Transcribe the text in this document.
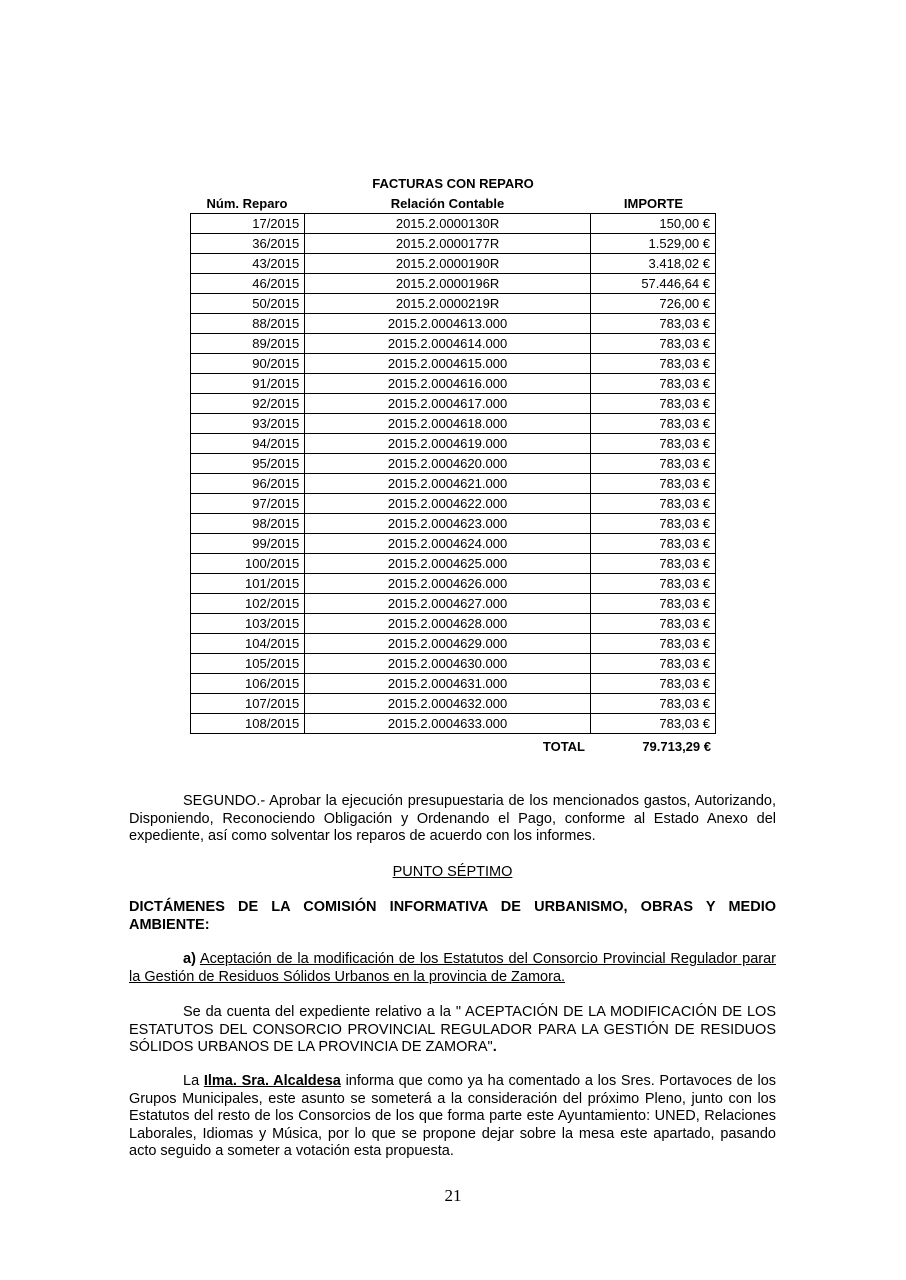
FACTURAS CON REPARO
Núm. Reparo	Relación Contable	IMPORTE
17/2015	2015.2.0000130R	150,00 €
36/2015	2015.2.0000177R	1.529,00 €
43/2015	2015.2.0000190R	3.418,02 €
46/2015	2015.2.0000196R	57.446,64 €
50/2015	2015.2.0000219R	726,00 €
88/2015	2015.2.0004613.000	783,03 €
89/2015	2015.2.0004614.000	783,03 €
90/2015	2015.2.0004615.000	783,03 €
91/2015	2015.2.0004616.000	783,03 €
92/2015	2015.2.0004617.000	783,03 €
93/2015	2015.2.0004618.000	783,03 €
94/2015	2015.2.0004619.000	783,03 €
95/2015	2015.2.0004620.000	783,03 €
96/2015	2015.2.0004621.000	783,03 €
97/2015	2015.2.0004622.000	783,03 €
98/2015	2015.2.0004623.000	783,03 €
99/2015	2015.2.0004624.000	783,03 €
100/2015	2015.2.0004625.000	783,03 €
101/2015	2015.2.0004626.000	783,03 €
102/2015	2015.2.0004627.000	783,03 €
103/2015	2015.2.0004628.000	783,03 €
104/2015	2015.2.0004629.000	783,03 €
105/2015	2015.2.0004630.000	783,03 €
106/2015	2015.2.0004631.000	783,03 €
107/2015	2015.2.0004632.000	783,03 €
108/2015	2015.2.0004633.000	783,03 €
TOTAL	79.713,29 €
SEGUNDO.- Aprobar la ejecución presupuestaria de los mencionados gastos, Autorizando, Disponiendo, Reconociendo Obligación y Ordenando el Pago, conforme al Estado Anexo del expediente, así como solventar los reparos de acuerdo con los informes.
PUNTO SÉPTIMO
DICTÁMENES DE LA COMISIÓN INFORMATIVA DE URBANISMO, OBRAS Y MEDIO AMBIENTE:
a) Aceptación de la modificación de los Estatutos del Consorcio Provincial Regulador parar la Gestión de Residuos Sólidos Urbanos en la provincia de Zamora.
Se da cuenta del expediente relativo a la " ACEPTACIÓN DE LA MODIFICACIÓN DE LOS ESTATUTOS DEL CONSORCIO PROVINCIAL REGULADOR PARA LA GESTIÓN DE RESIDUOS SÓLIDOS URBANOS DE LA PROVINCIA DE ZAMORA".
La Ilma. Sra. Alcaldesa informa que como ya ha comentado a los Sres. Portavoces de los Grupos Municipales, este asunto se someterá a la consideración del próximo Pleno, junto con los Estatutos del resto de los Consorcios de los que forma parte este Ayuntamiento: UNED, Relaciones Laborales, Idiomas y Música, por lo que se propone dejar sobre la mesa este apartado, pasando acto seguido a someter a votación esta propuesta.
21
